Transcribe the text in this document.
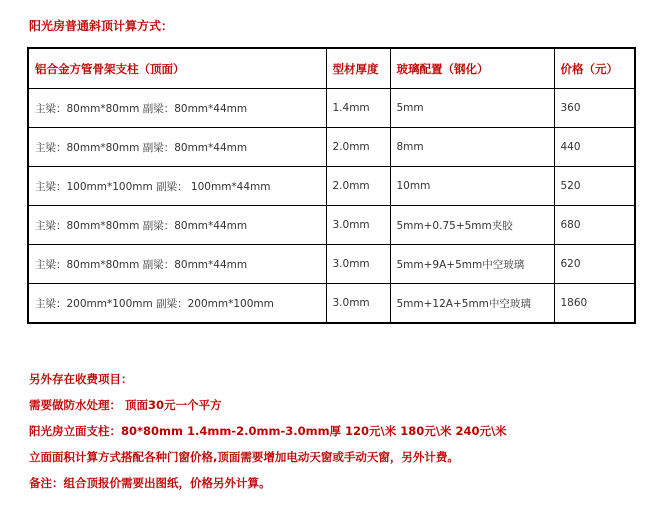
阳光房普通斜顶计算方式：
铝合金方管骨架支柱（顶面）	型材厚度	玻璃配置（钢化）	价格（元）
主梁：80mm*80mm 副梁：80mm*44mm	1.4mm	5mm	360
主梁：80mm*80mm 副梁：80mm*44mm	2.0mm	8mm	440
主梁：100mm*100mm 副梁： 100mm*44mm	2.0mm	10mm	520
主梁：80mm*80mm 副梁：80mm*44mm	3.0mm	5mm+0.75+5mm夹胶	680
主梁：80mm*80mm 副梁：80mm*44mm	3.0mm	5mm+9A+5mm中空玻璃	620
主梁：200mm*100mm 副梁：200mm*100mm	3.0mm	5mm+12A+5mm中空玻璃	1860

另外存在收费项目：

需要做防水处理： 顶面30元一个平方

阳光房立面支柱：80*80mm 1.4mm-2.0mm-3.0mm厚 120元\米 180元\米 240元\米

立面面积计算方式搭配各种门窗价格,顶面需要增加电动天窗或手动天窗，另外计费。

备注：组合顶报价需要出图纸，价格另外计算。
